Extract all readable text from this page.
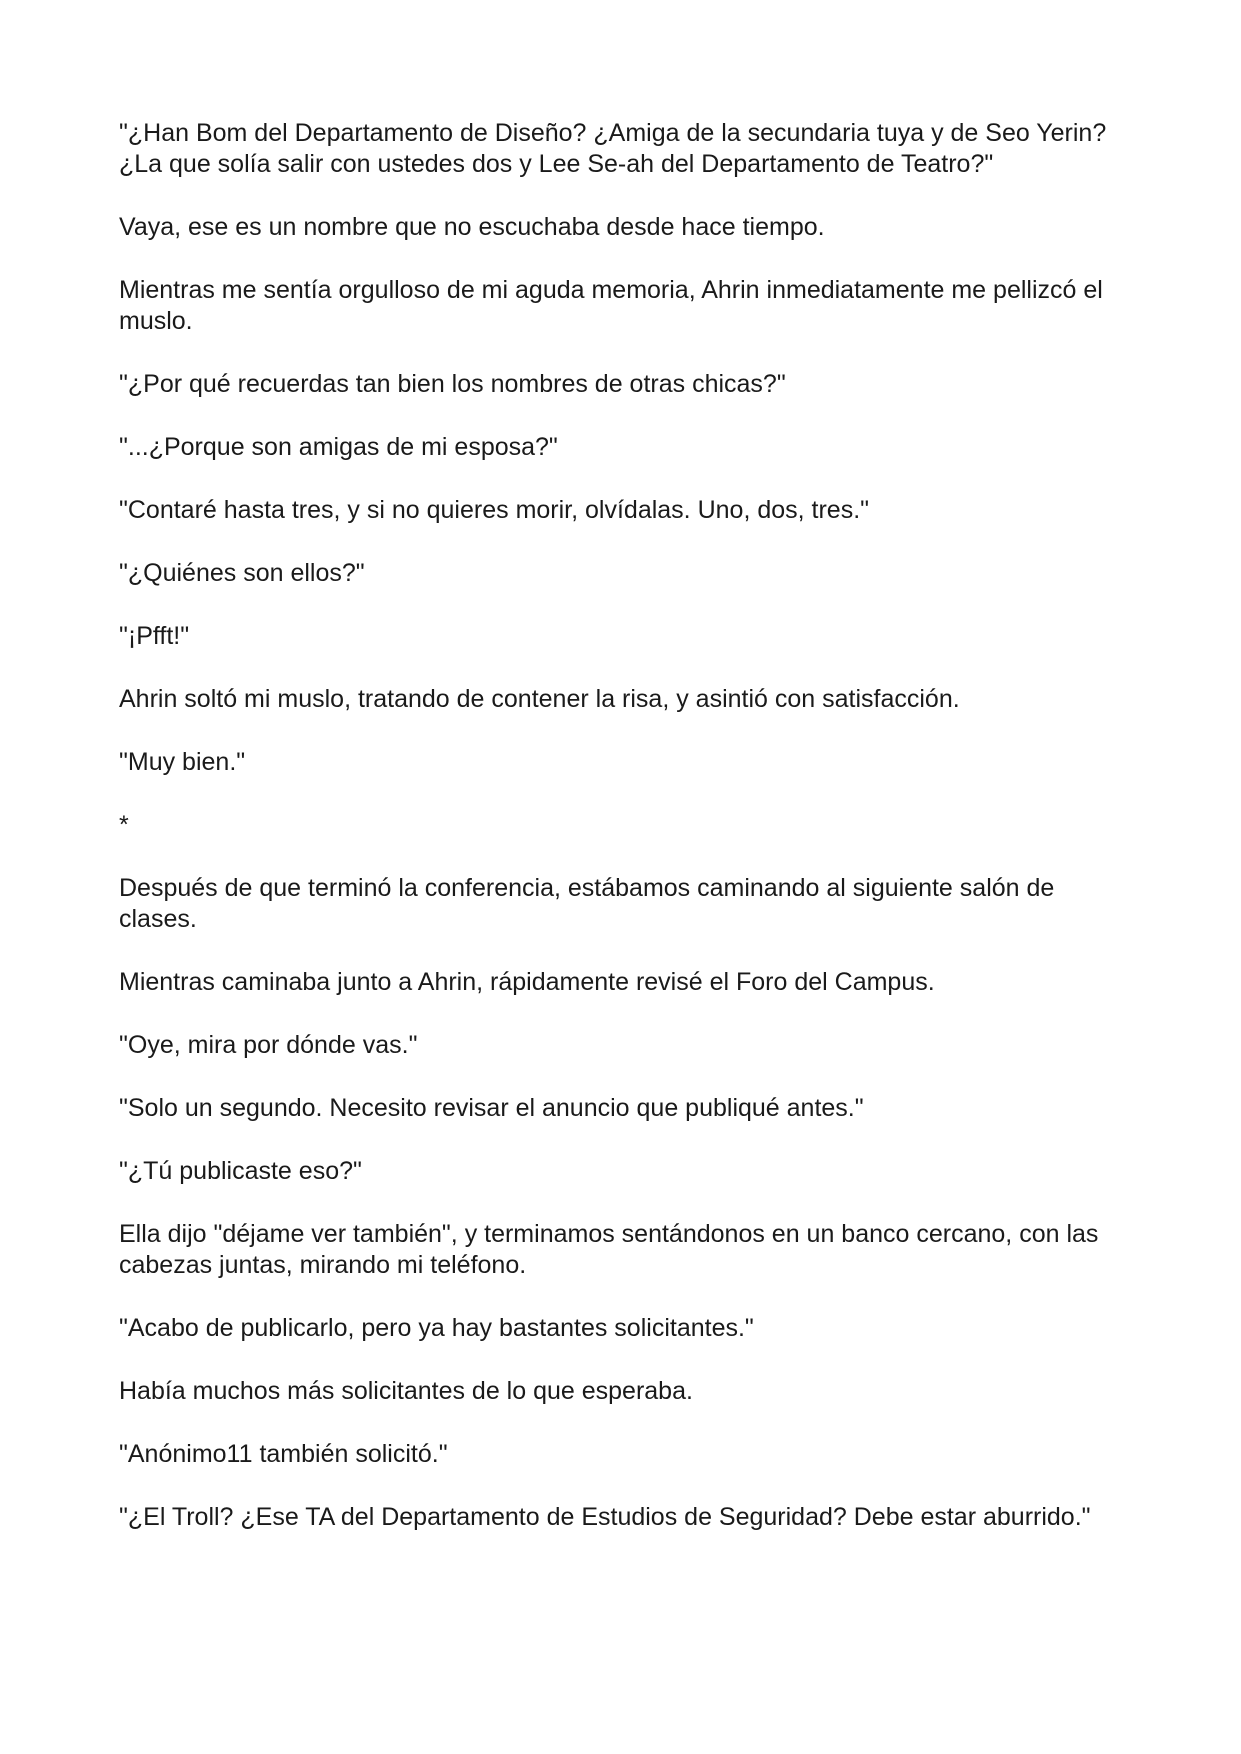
"¿Han Bom del Departamento de Diseño? ¿Amiga de la secundaria tuya y de Seo Yerin? ¿La que solía salir con ustedes dos y Lee Se-ah del Departamento de Teatro?"

Vaya, ese es un nombre que no escuchaba desde hace tiempo.

Mientras me sentía orgulloso de mi aguda memoria, Ahrin inmediatamente me pellizcó el muslo.

"¿Por qué recuerdas tan bien los nombres de otras chicas?"

"...¿Porque son amigas de mi esposa?"

"Contaré hasta tres, y si no quieres morir, olvídalas. Uno, dos, tres."

"¿Quiénes son ellos?"

"¡Pfft!"

Ahrin soltó mi muslo, tratando de contener la risa, y asintió con satisfacción.

"Muy bien."

*

Después de que terminó la conferencia, estábamos caminando al siguiente salón de clases.

Mientras caminaba junto a Ahrin, rápidamente revisé el Foro del Campus.

"Oye, mira por dónde vas."

"Solo un segundo. Necesito revisar el anuncio que publiqué antes."

"¿Tú publicaste eso?"

Ella dijo "déjame ver también", y terminamos sentándonos en un banco cercano, con las cabezas juntas, mirando mi teléfono.

"Acabo de publicarlo, pero ya hay bastantes solicitantes."

Había muchos más solicitantes de lo que esperaba.

"Anónimo11 también solicitó."

"¿El Troll? ¿Ese TA del Departamento de Estudios de Seguridad? Debe estar aburrido."
